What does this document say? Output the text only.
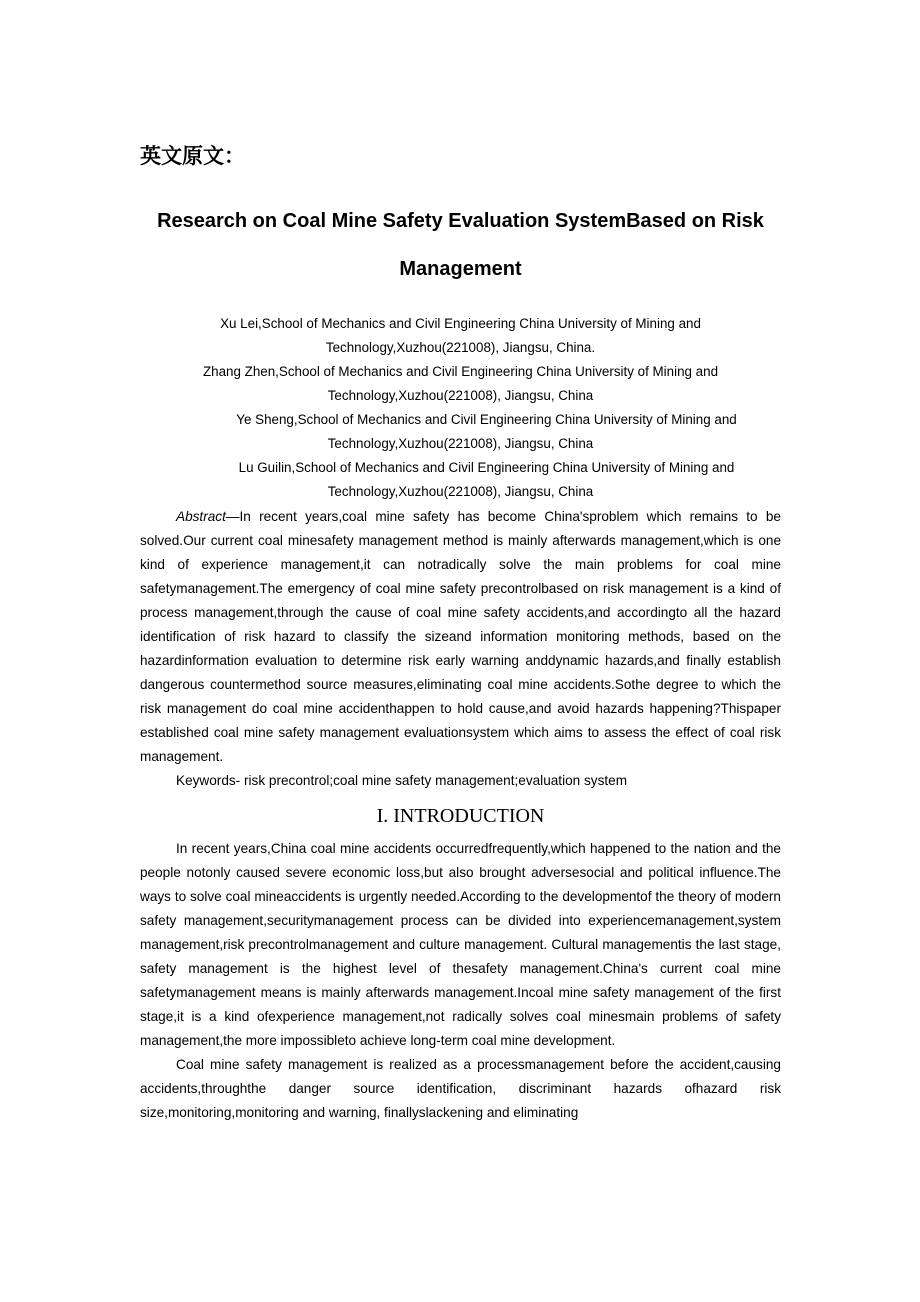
英文原文：
Research on Coal Mine Safety Evaluation SystemBased on Risk Management

Xu Lei,School of Mechanics and Civil Engineering China University of Mining and

Technology,Xuzhou(221008), Jiangsu, China.

Zhang Zhen,School of Mechanics and Civil Engineering China University of Mining and

Technology,Xuzhou(221008), Jiangsu, China

Ye Sheng,School of Mechanics and Civil Engineering China University of Mining and

Technology,Xuzhou(221008), Jiangsu, China

Lu Guilin,School of Mechanics and Civil Engineering China University of Mining and

Technology,Xuzhou(221008), Jiangsu, China

Abstract—In recent years,coal mine safety has become China'sproblem which remains to be solved.Our current coal minesafety management method is mainly afterwards management,which is one kind of experience management,it can notradically solve the main problems for coal mine safetymanagement.The emergency of coal mine safety precontrolbased on risk management is a kind of process management,through the cause of coal mine safety accidents,and accordingto all the hazard identification of risk hazard to classify the sizeand information monitoring methods, based on the hazardinformation evaluation to determine risk early warning anddynamic hazards,and finally establish dangerous countermethod source measures,eliminating coal mine accidents.Sothe degree to which the risk management do coal mine accidenthappen to hold cause,and avoid hazards happening?Thispaper established coal mine safety management evaluationsystem which aims to assess the effect of coal risk management.

Keywords- risk precontrol;coal mine safety management;evaluation system

I. INTRODUCTION

In recent years,China coal mine accidents occurredfrequently,which happened to the nation and the people notonly caused severe economic loss,but also brought adversesocial and political influence.The ways to solve coal mineaccidents is urgently needed.According to the developmentof the theory of modern safety management,securitymanagement process can be divided into experiencemanagement,system management,risk precontrolmanagement and culture management. Cultural managementis the last stage, safety management is the highest level of thesafety management.China's current coal mine safetymanagement means is mainly afterwards management.Incoal mine safety management of the first stage,it is a kind ofexperience management,not radically solves coal minesmain problems of safety management,the more impossibleto achieve long-term coal mine development.

Coal mine safety management is realized as a processmanagement before the accident,causing accidents,throughthe danger source identification, discriminant hazards ofhazard risk size,monitoring,monitoring and warning, finallyslackening and eliminating
